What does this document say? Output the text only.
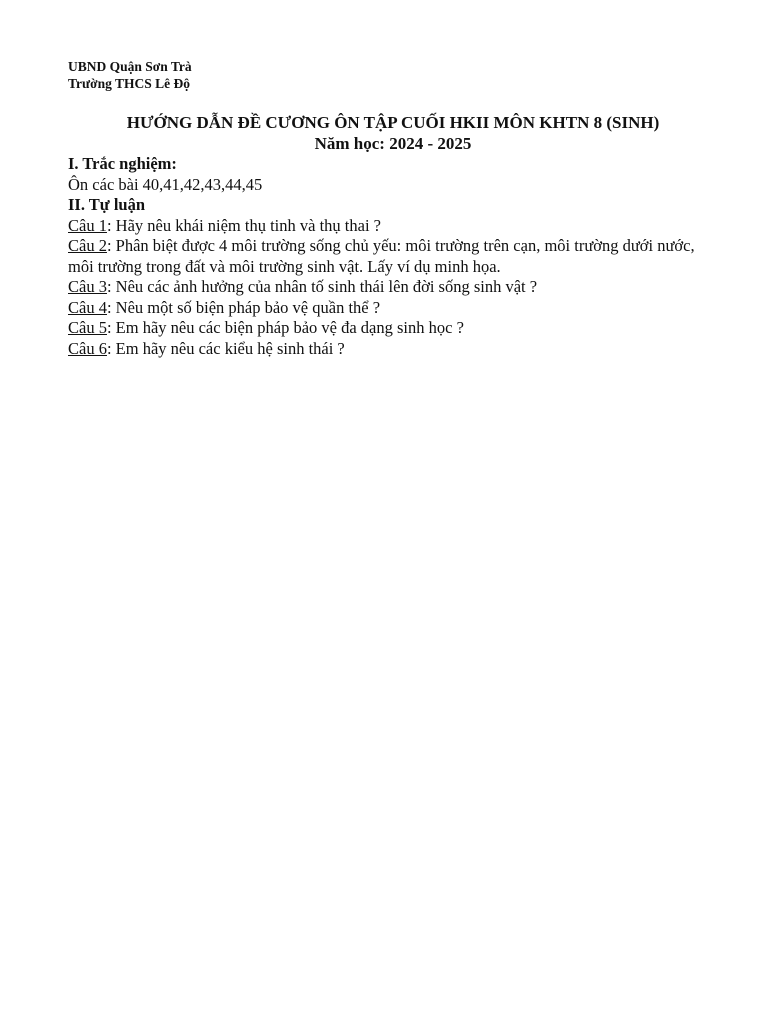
UBND Quận Sơn Trà
Trường THCS Lê Độ
HƯỚNG DẪN ĐỀ CƯƠNG ÔN TẬP CUỐI HKII MÔN KHTN 8 (SINH)
Năm học: 2024 - 2025
I. Trắc nghiệm:
Ôn các bài 40,41,42,43,44,45
II. Tự luận
Câu 1: Hãy nêu khái niệm thụ tinh và thụ thai ?
Câu 2: Phân biệt được 4 môi trường sống chủ yếu: môi trường trên cạn, môi trường dưới nước, môi trường trong đất và môi trường sinh vật. Lấy ví dụ minh họa.
Câu 3: Nêu các ảnh hưởng của nhân tố sinh thái lên đời sống sinh vật ?
Câu 4: Nêu một số biện pháp bảo vệ quần thể ?
Câu 5: Em hãy nêu các biện pháp bảo vệ đa dạng sinh học ?
Câu 6: Em hãy nêu các kiểu hệ sinh thái ?
